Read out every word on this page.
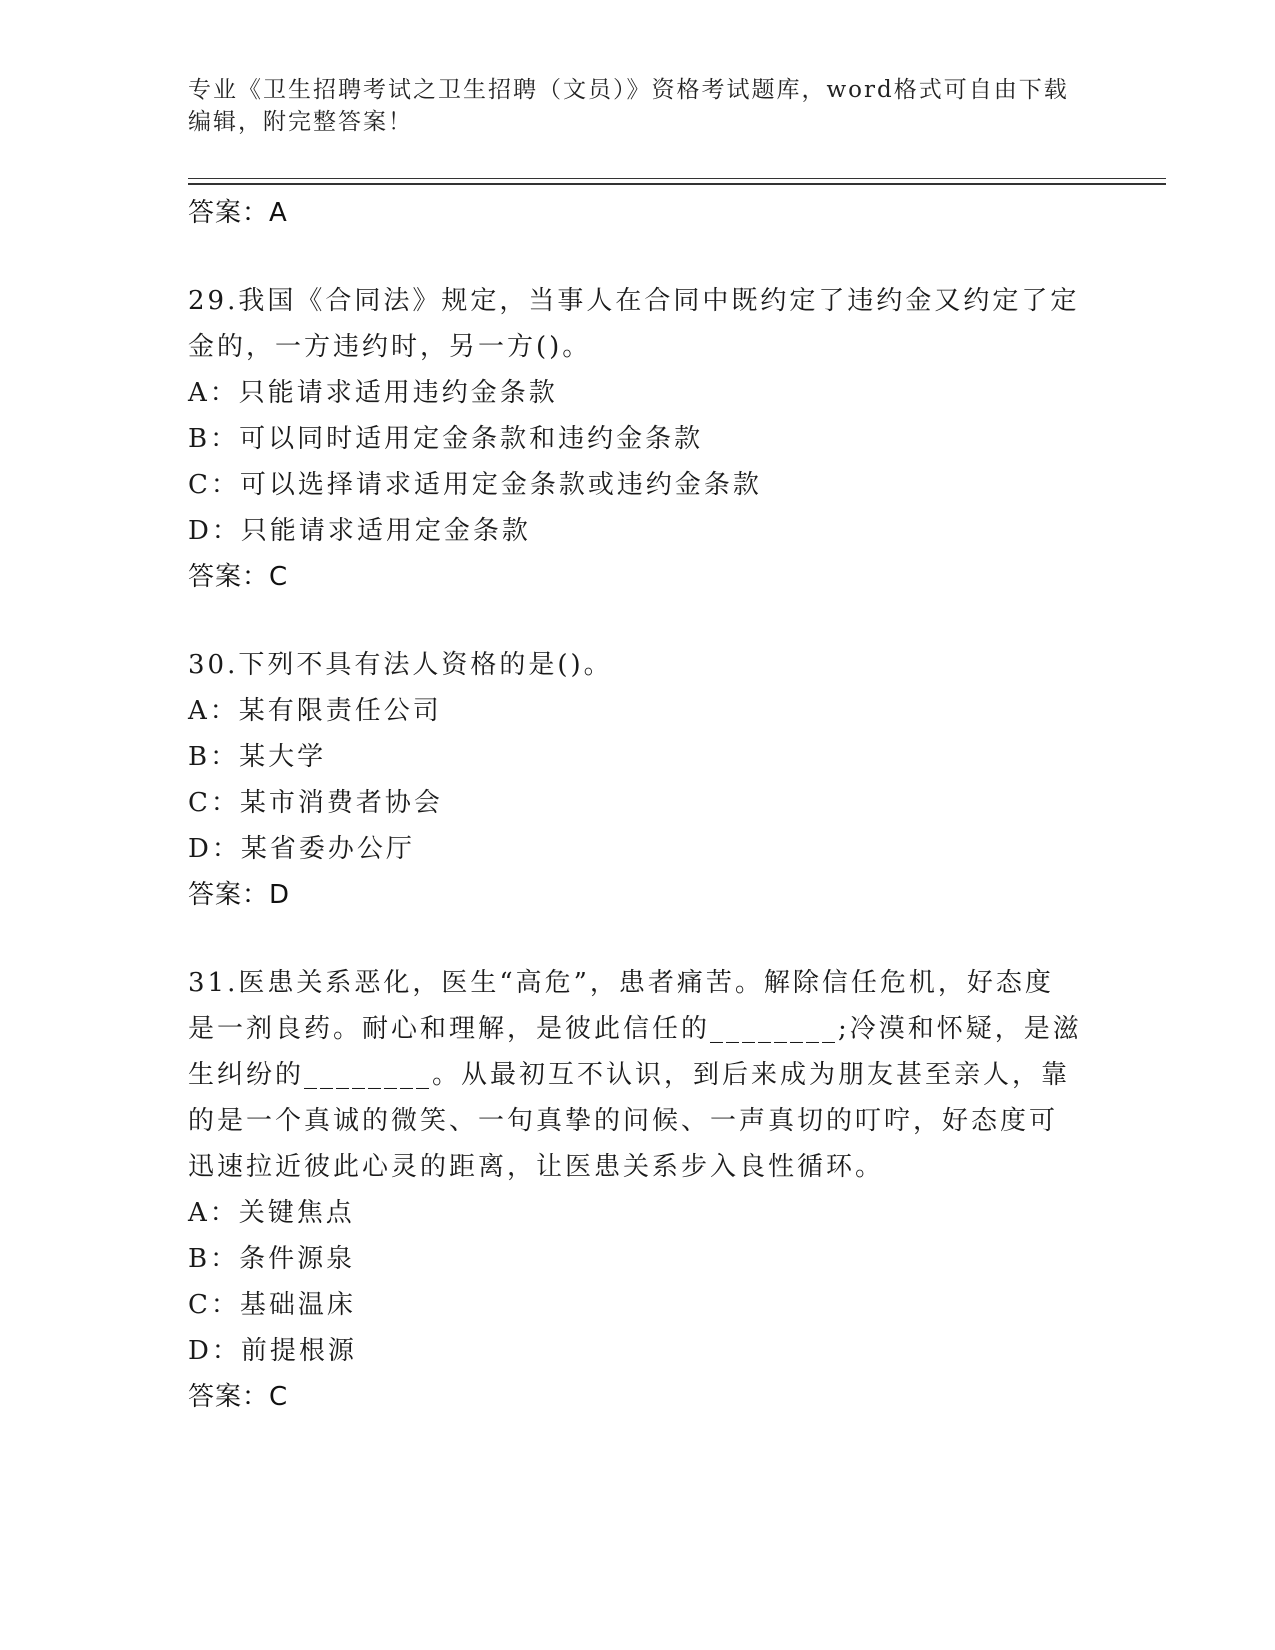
专业《卫生招聘考试之卫生招聘（文员）》资格考试题库，word格式可自由下载
编辑，附完整答案！
答案：A
29.我国《合同法》规定，当事人在合同中既约定了违约金又约定了定
金的，一方违约时，另一方()。
A：只能请求适用违约金条款
B：可以同时适用定金条款和违约金条款
C：可以选择请求适用定金条款或违约金条款
D：只能请求适用定金条款
答案：C
30.下列不具有法人资格的是()。
A：某有限责任公司
B：某大学
C：某市消费者协会
D：某省委办公厅
答案：D
31.医患关系恶化，医生“高危”，患者痛苦。解除信任危机，好态度
是一剂良药。耐心和理解，是彼此信任的________;冷漠和怀疑，是滋
生纠纷的________。从最初互不认识，到后来成为朋友甚至亲人，靠
的是一个真诚的微笑、一句真挚的问候、一声真切的叮咛，好态度可
迅速拉近彼此心灵的距离，让医患关系步入良性循环。
A：关键焦点
B：条件源泉
C：基础温床
D：前提根源
答案：C
